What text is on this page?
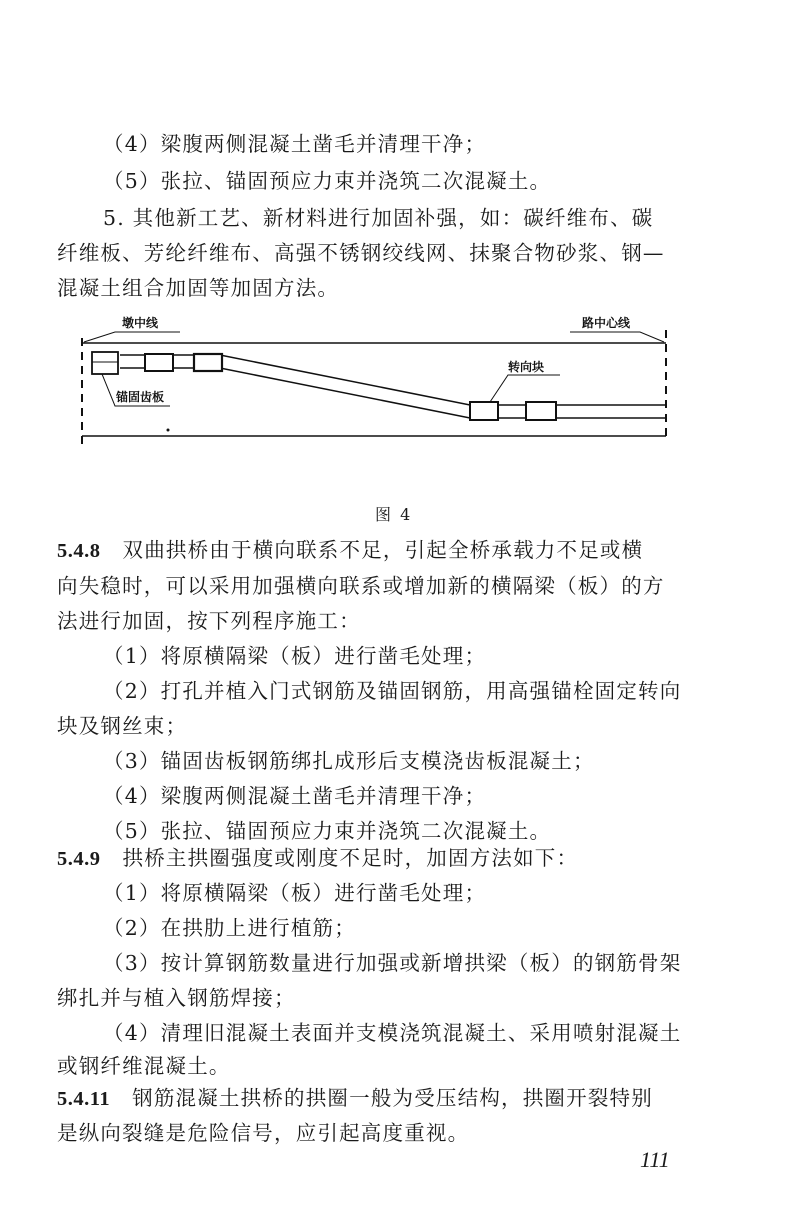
（4）梁腹两侧混凝土凿毛并清理干净；
（5）张拉、锚固预应力束并浇筑二次混凝土。
5. 其他新工艺、新材料进行加固补强，如：碳纤维布、碳
纤维板、芳纶纤维布、高强不锈钢绞线网、抹聚合物砂浆、钢—
混凝土组合加固等加固方法。
墩中线	路中心线
锚固齿板
转向块
图 4
5.4.8 双曲拱桥由于横向联系不足，引起全桥承载力不足或横
向失稳时，可以采用加强横向联系或增加新的横隔梁（板）的方
法进行加固，按下列程序施工：
（1）将原横隔梁（板）进行凿毛处理；
（2）打孔并植入门式钢筋及锚固钢筋，用高强锚栓固定转向
块及钢丝束；
（3）锚固齿板钢筋绑扎成形后支模浇齿板混凝土；
（4）梁腹两侧混凝土凿毛并清理干净；
（5）张拉、锚固预应力束并浇筑二次混凝土。
5.4.9 拱桥主拱圈强度或刚度不足时，加固方法如下：
（1）将原横隔梁（板）进行凿毛处理；
（2）在拱肋上进行植筋；
（3）按计算钢筋数量进行加强或新增拱梁（板）的钢筋骨架
绑扎并与植入钢筋焊接；
（4）清理旧混凝土表面并支模浇筑混凝土、采用喷射混凝土
或钢纤维混凝土。
5.4.11 钢筋混凝土拱桥的拱圈一般为受压结构，拱圈开裂特别
是纵向裂缝是危险信号，应引起高度重视。
111
